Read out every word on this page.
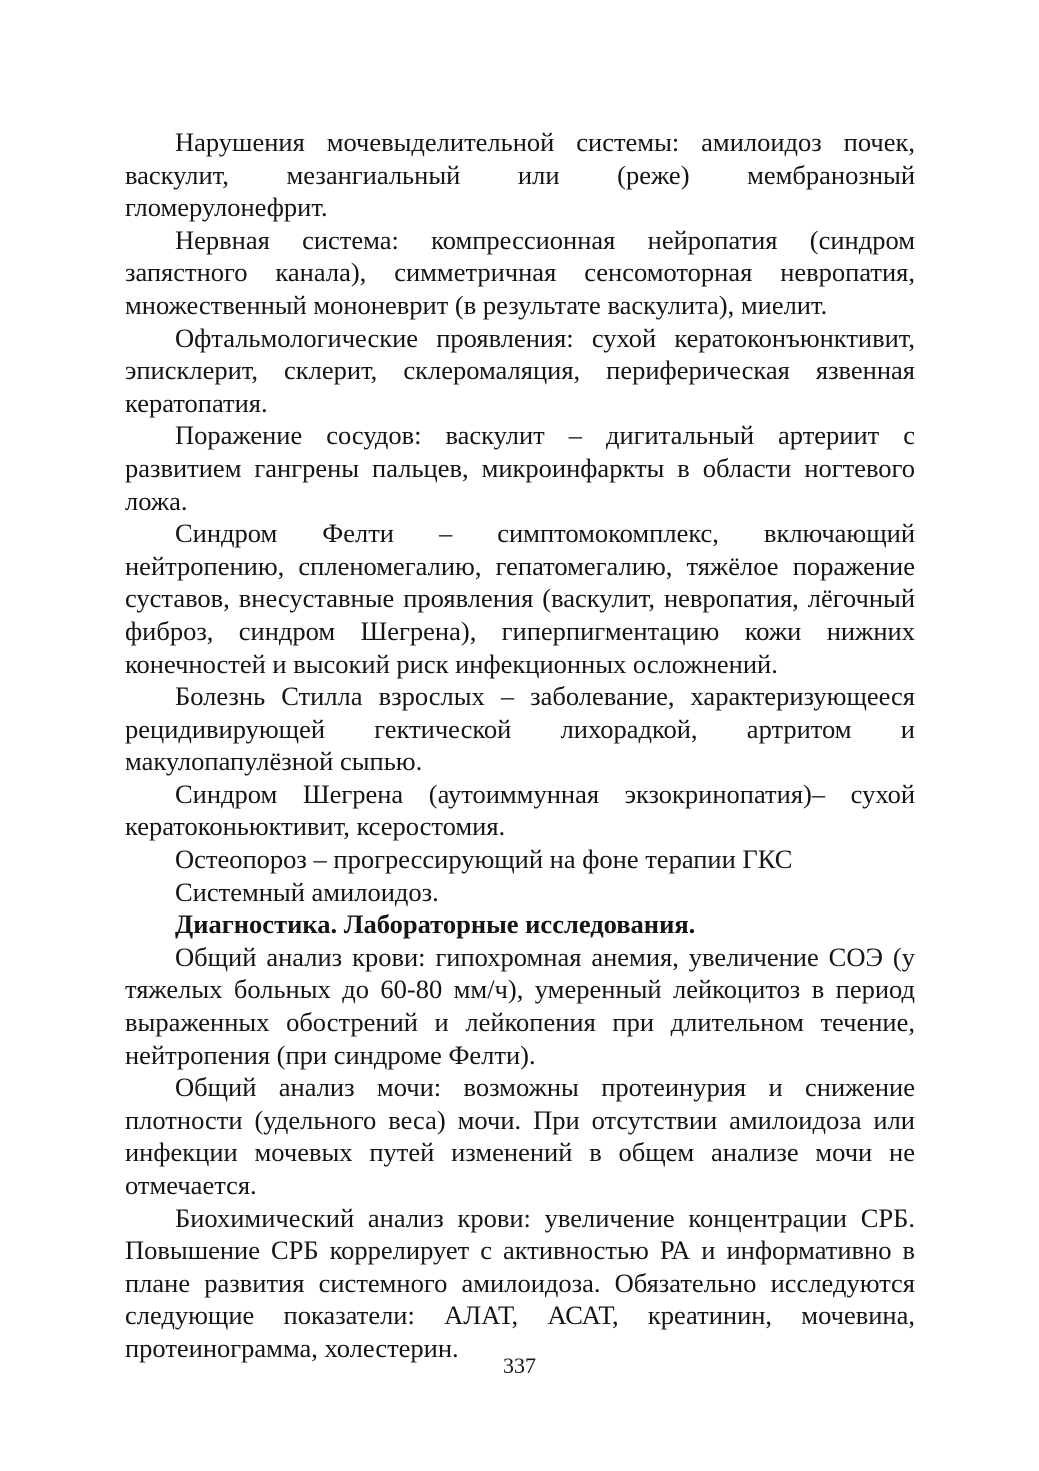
Нарушения мочевыделительной системы: амилоидоз почек, васкулит, мезангиальный или (реже) мембранозный гломерулонефрит.

Нервная система: компрессионная нейропатия (синдром запястного канала), симметричная сенсомоторная невропатия, множественный мононеврит (в результате васкулита), миелит.

Офтальмологические проявления: сухой кератоконъюнктивит, эписклерит, склерит, склеромаляция, периферическая язвенная кератопатия.

Поражение сосудов: васкулит – дигитальный артериит с развитием гангрены пальцев, микроинфаркты в области ногтевого ложа.

Синдром Фелти – симптомокомплекс, включающий нейтропению, спленомегалию, гепатомегалию, тяжёлое поражение суставов, внесуставные проявления (васкулит, невропатия, лёгочный фиброз, синдром Шегрена), гиперпигментацию кожи нижних конечностей и высокий риск инфекционных осложнений.

Болезнь Стилла взрослых – заболевание, характеризующееся рецидивирующей гектической лихорадкой, артритом и макулопапулёзной сыпью.

Синдром Шегрена (аутоиммунная экзокринопатия)– сухой кератоконьюктивит, ксеростомия.

Остеопороз – прогрессирующий на фоне терапии ГКС

Системный амилоидоз.

Диагностика. Лабораторные исследования.

Общий анализ крови: гипохромная анемия, увеличение СОЭ (у тяжелых больных до 60-80 мм/ч), умеренный лейкоцитоз в период выраженных обострений и лейкопения при длительном течение, нейтропения (при синдроме Фелти).

Общий анализ мочи: возможны протеинурия и снижение плотности (удельного веса) мочи. При отсутствии амилоидоза или инфекции мочевых путей изменений в общем анализе мочи не отмечается.

Биохимический анализ крови: увеличение концентрации СРБ. Повышение СРБ коррелирует с активностью РА и информативно в плане развития системного амилоидоза. Обязательно исследуются следующие показатели: АЛАТ, АСАТ, креатинин, мочевина, протеинограмма, холестерин.

337
